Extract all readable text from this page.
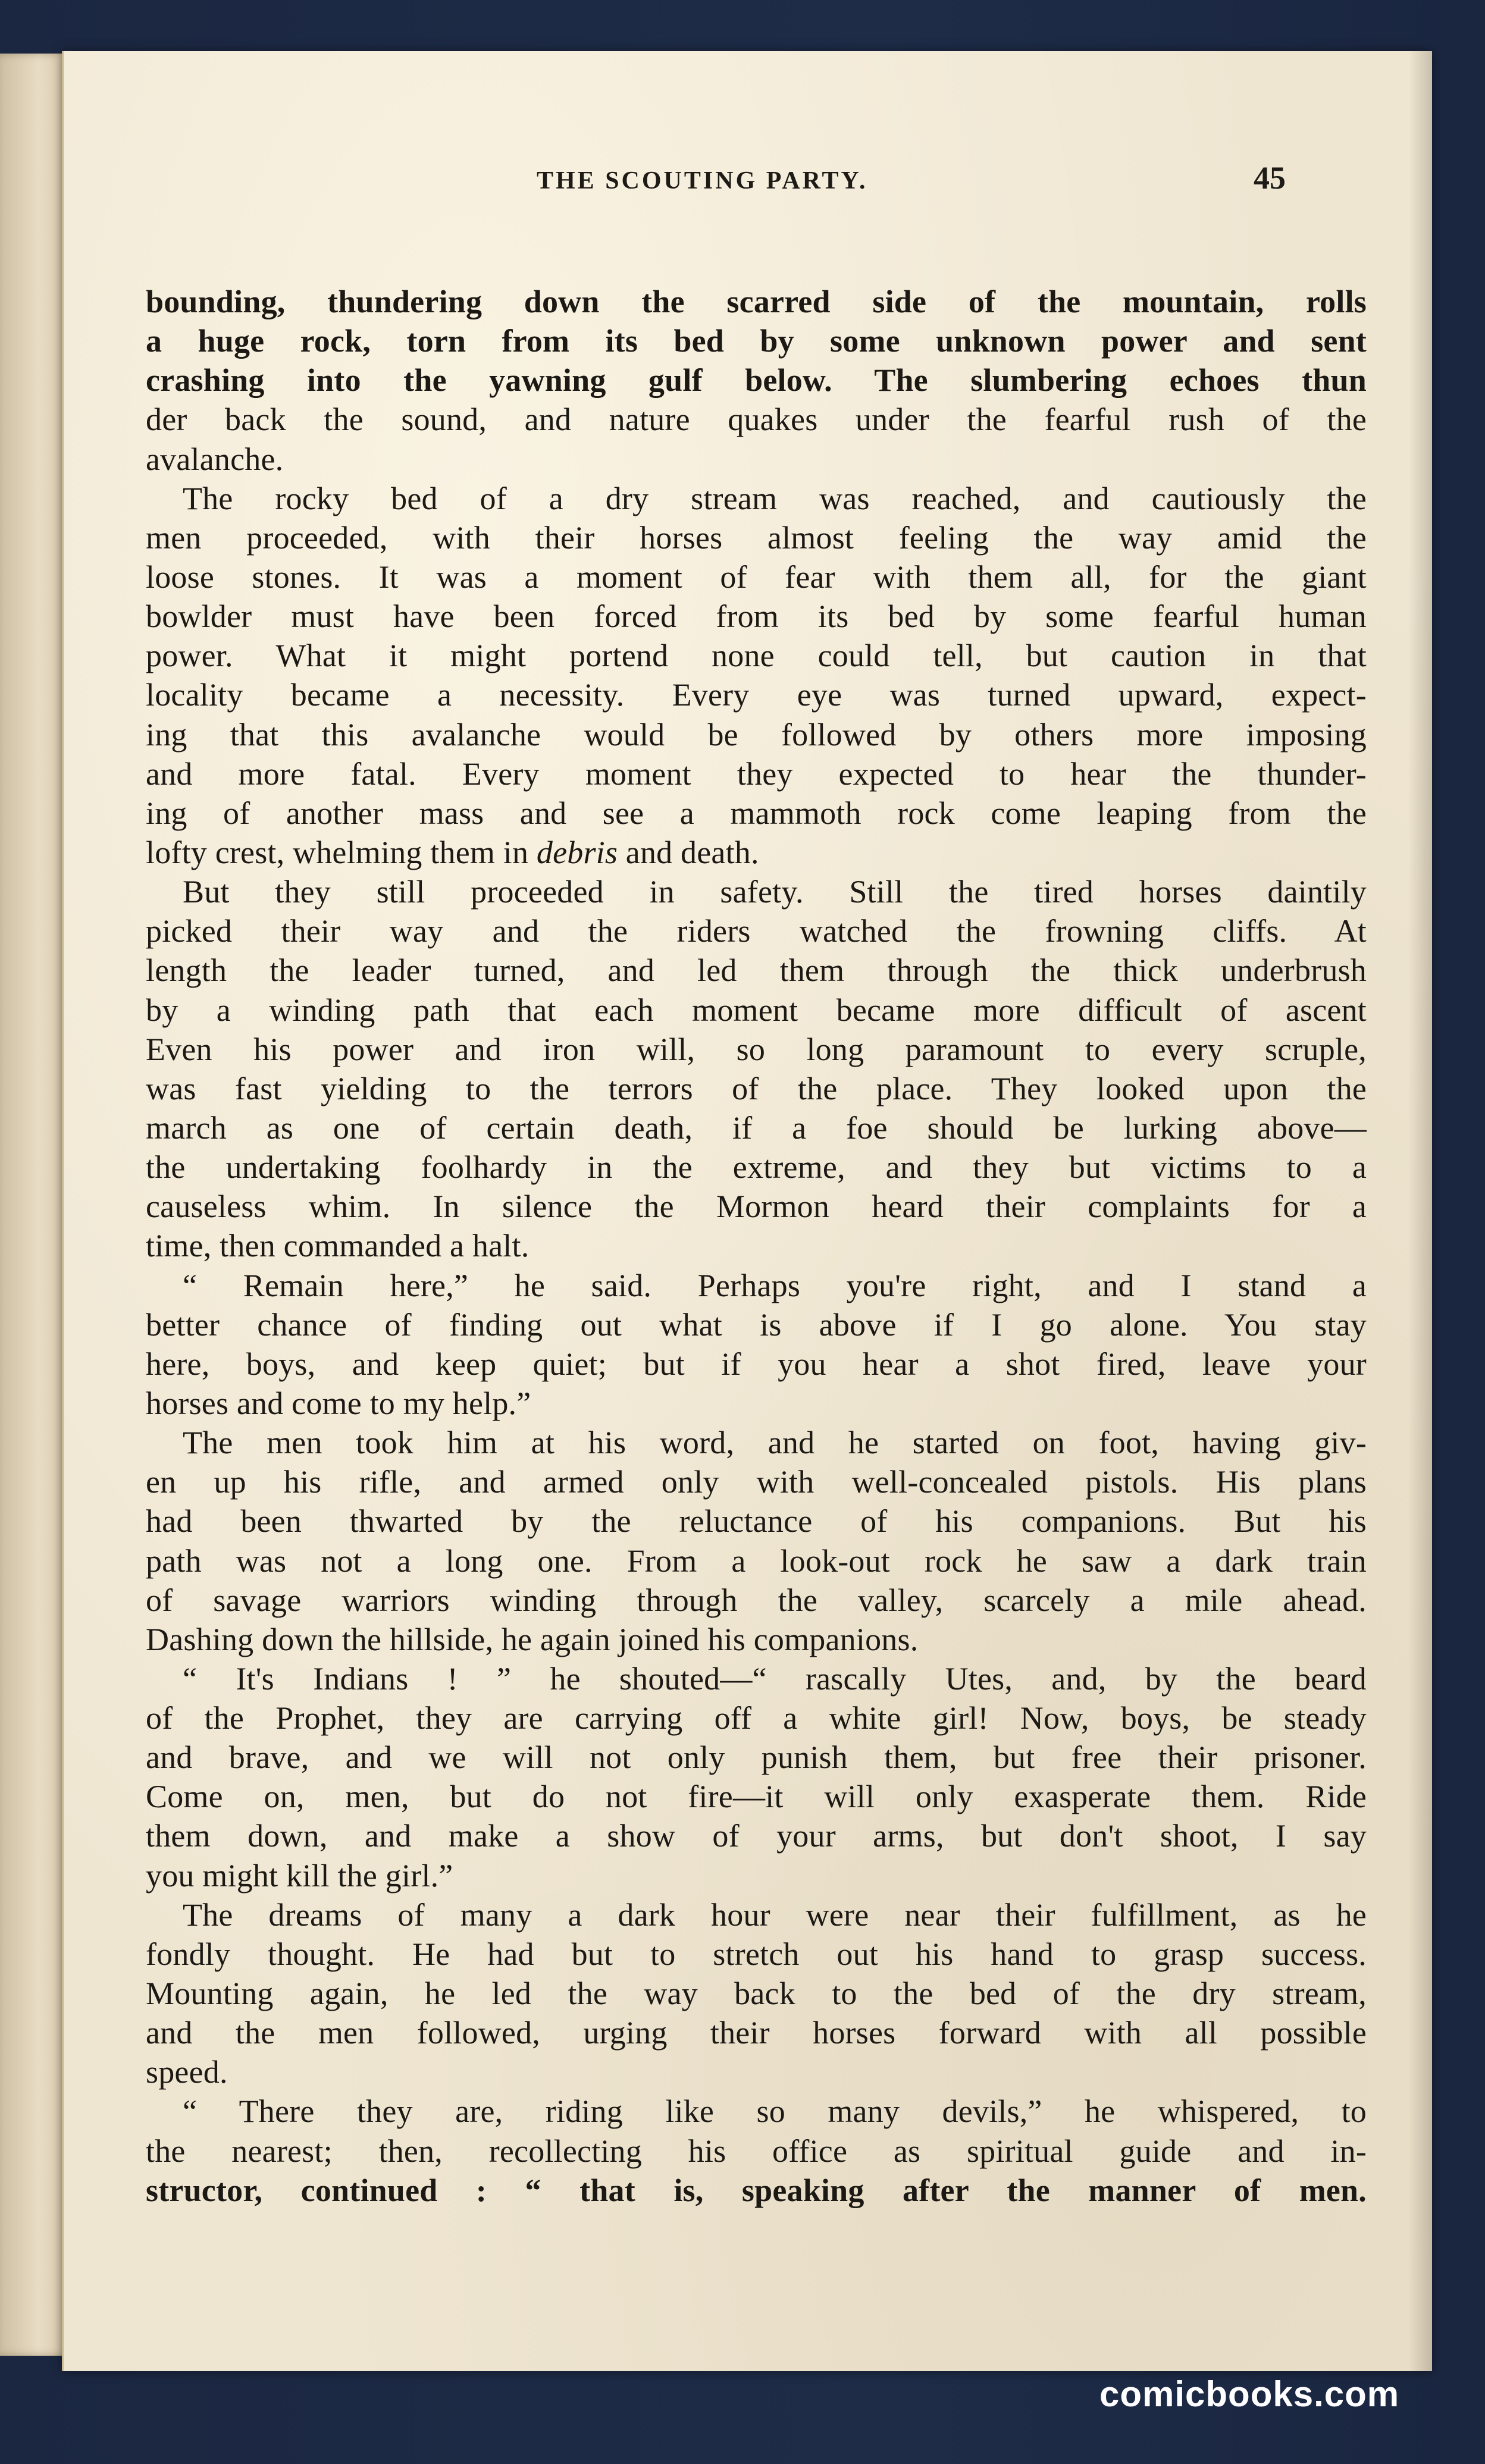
THE SCOUTING PARTY.	45
bounding, thundering down the scarred side of the mountain, rolls
a huge rock, torn from its bed by some unknown power and sent
crashing into the yawning gulf below. The slumbering echoes thun
der back the sound, and nature quakes under the fearful rush of the
avalanche.
The rocky bed of a dry stream was reached, and cautiously the
men proceeded, with their horses almost feeling the way amid the
loose stones. It was a moment of fear with them all, for the giant
bowlder must have been forced from its bed by some fearful human
power. What it might portend none could tell, but caution in that
locality became a necessity. Every eye was turned upward, expect-
ing that this avalanche would be followed by others more imposing
and more fatal. Every moment they expected to hear the thunder-
ing of another mass and see a mammoth rock come leaping from the
lofty crest, whelming them in debris and death.
But they still proceeded in safety. Still the tired horses daintily
picked their way and the riders watched the frowning cliffs. At
length the leader turned, and led them through the thick underbrush
by a winding path that each moment became more difficult of ascent
Even his power and iron will, so long paramount to every scruple,
was fast yielding to the terrors of the place. They looked upon the
march as one of certain death, if a foe should be lurking above—
the undertaking foolhardy in the extreme, and they but victims to a
causeless whim. In silence the Mormon heard their complaints for a
time, then commanded a halt.
“ Remain here,” he said. Perhaps you're right, and I stand a
better chance of finding out what is above if I go alone. You stay
here, boys, and keep quiet; but if you hear a shot fired, leave your
horses and come to my help.”
The men took him at his word, and he started on foot, having giv-
en up his rifle, and armed only with well-concealed pistols. His plans
had been thwarted by the reluctance of his companions. But his
path was not a long one. From a look-out rock he saw a dark train
of savage warriors winding through the valley, scarcely a mile ahead.
Dashing down the hillside, he again joined his companions.
“ It's Indians ! ” he shouted—“ rascally Utes, and, by the beard
of the Prophet, they are carrying off a white girl! Now, boys, be steady
and brave, and we will not only punish them, but free their prisoner.
Come on, men, but do not fire—it will only exasperate them. Ride
them down, and make a show of your arms, but don't shoot, I say
you might kill the girl.”
The dreams of many a dark hour were near their fulfillment, as he
fondly thought. He had but to stretch out his hand to grasp success.
Mounting again, he led the way back to the bed of the dry stream,
and the men followed, urging their horses forward with all possible
speed.
“ There they are, riding like so many devils,” he whispered, to
the nearest; then, recollecting his office as spiritual guide and in-
structor, continued : “ that is, speaking after the manner of men.
comicbooks.com
